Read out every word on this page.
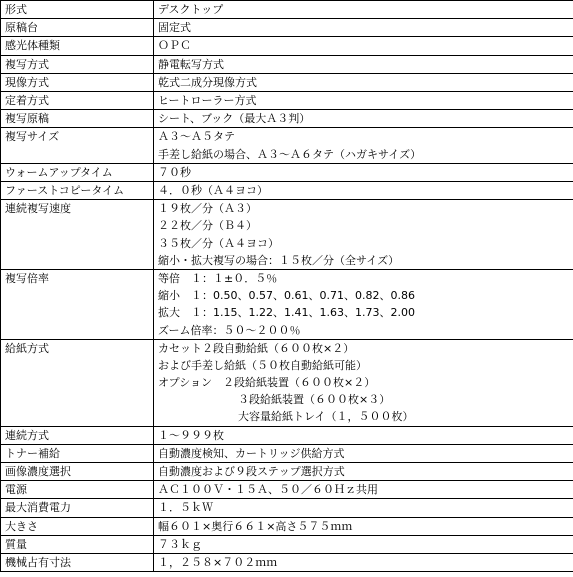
形式	デスクトップ

原稿台	固定式

感光体種類	ＯＰＣ

複写方式	静電転写方式

現像方式	乾式二成分現像方式

定着方式	ヒートローラー方式

複写原稿	シート、ブック（最大Ａ３判）

複写サイズ	Ａ３～Ａ５タテ
手差し給紙の場合、Ａ３～Ａ６タテ（ハガキサイズ）

ウォームアップタイム	７０秒

ファーストコピータイム	４．０秒（Ａ４ヨコ）

連続複写速度	１９枚／分（Ａ３）
２２枚／分（Ｂ４）
３５枚／分（Ａ４ヨコ）
縮小・拡大複写の場合：１５枚／分（全サイズ）

複写倍率	等倍　１：１±０．５％
縮小　１：0.50、0.57、0.61、0.71、0.82、0.86
拡大　１：1.15、1.22、1.41、1.63、1.73、2.00
ズーム倍率：５０～２００％

給紙方式	カセット２段自動給紙（６００枚×２）
および手差し給紙（５０枚自動給紙可能）
オプション　２段給紙装置（６００枚×２）
３段給紙装置（６００枚×３）
大容量給紙トレイ（１，５００枚）

連続方式	１～９９９枚

トナー補給	自動濃度検知、カートリッジ供給方式

画像濃度選択	自動濃度および９段ステップ選択方式

電源	ＡＣ１００Ｖ・１５Ａ、５０／６０Ｈｚ共用

最大消費電力	１．５ｋＷ

大きさ	幅６０１×奥行６６１×高さ５７５ｍｍ

質量	７３ｋｇ

機械占有寸法	１，２５８×７０２ｍｍ
